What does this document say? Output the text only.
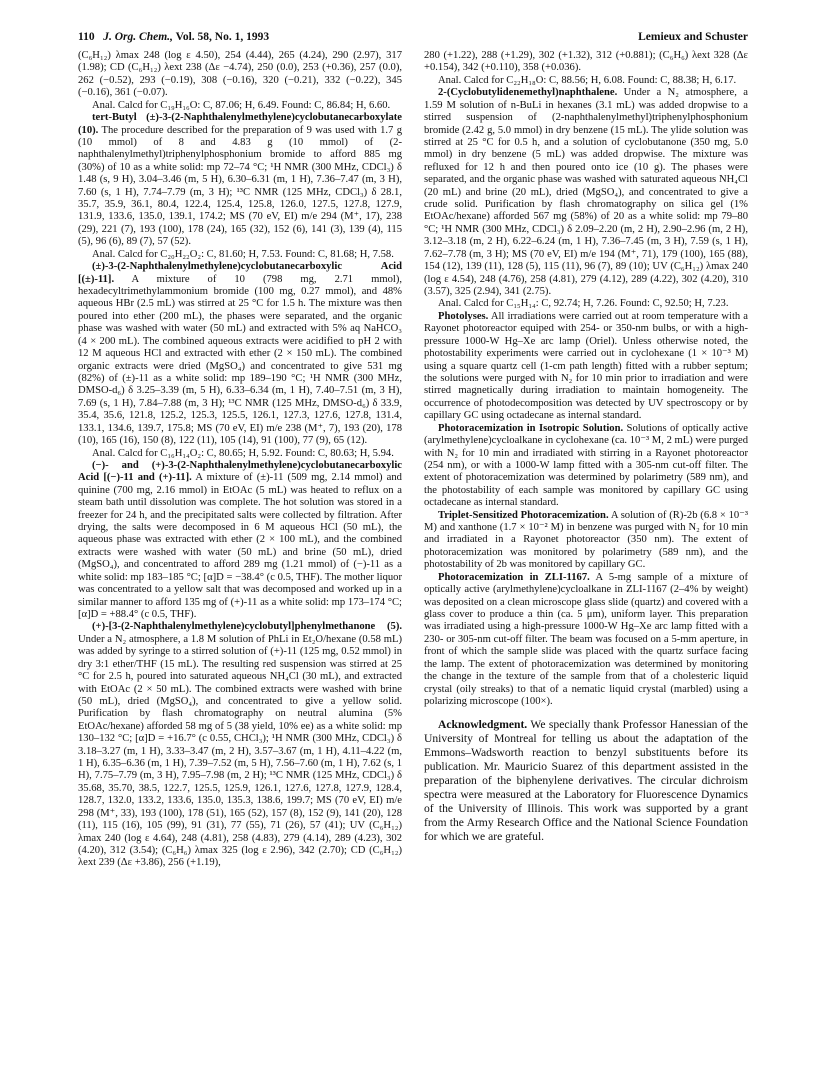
110 J. Org. Chem., Vol. 58, No. 1, 1993	Lemieux and Schuster

(C₆H₁₂) λmax 248 (log ε 4.50), 254 (4.44), 265 (4.24), 290 (2.97), 317 (1.98); CD (C₆H₁₂) λext 238 (Δε −4.74), 250 (0.0), 253 (+0.36), 257 (0.0), 262 (−0.52), 293 (−0.19), 308 (−0.16), 320 (−0.21), 332 (−0.22), 345 (−0.16), 361 (−0.07).

Anal. Calcd for C₁₉H₁₆O: C, 87.06; H, 6.49. Found: C, 86.84; H, 6.60.

tert-Butyl (±)-3-(2-Naphthalenylmethylene)cyclobutanecarboxylate (10). The procedure described for the preparation of 9 was used with 1.7 g (10 mmol) of 8 and 4.83 g (10 mmol) of (2-naphthalenylmethyl)triphenylphosphonium bromide to afford 885 mg (30%) of 10 as a white solid: mp 72–74 °C; ¹H NMR (300 MHz, CDCl₃) δ 1.48 (s, 9 H), 3.04–3.46 (m, 5 H), 6.30–6.31 (m, 1 H), 7.36–7.47 (m, 3 H), 7.60 (s, 1 H), 7.74–7.79 (m, 3 H); ¹³C NMR (125 MHz, CDCl₃) δ 28.1, 35.7, 35.9, 36.1, 80.4, 122.4, 125.4, 125.8, 126.0, 127.5, 127.8, 127.9, 131.9, 133.6, 135.0, 139.1, 174.2; MS (70 eV, EI) m/e 294 (M⁺, 17), 238 (29), 221 (7), 193 (100), 178 (24), 165 (32), 152 (6), 141 (3), 139 (4), 115 (5), 96 (6), 89 (7), 57 (52).

Anal. Calcd for C₂₀H₂₂O₂: C, 81.60; H, 7.53. Found: C, 81.68; H, 7.58.

(±)-3-(2-Naphthalenylmethylene)cyclobutanecarboxylic Acid [(±)-11]. A mixture of 10 (798 mg, 2.71 mmol), hexadecyltrimethylammonium bromide (100 mg, 0.27 mmol), and 48% aqueous HBr (2.5 mL) was stirred at 25 °C for 1.5 h. The mixture was then poured into ether (200 mL), the phases were separated, and the organic phase was washed with water (50 mL) and extracted with 5% aq NaHCO₃ (4 × 200 mL). The combined aqueous extracts were acidified to pH 2 with 12 M aqueous HCl and extracted with ether (2 × 150 mL). The combined organic extracts were dried (MgSO₄) and concentrated to give 531 mg (82%) of (±)-11 as a white solid: mp 189–190 °C; ¹H NMR (300 MHz, DMSO-d₆) δ 3.25–3.39 (m, 5 H), 6.33–6.34 (m, 1 H), 7.40–7.51 (m, 3 H), 7.69 (s, 1 H), 7.84–7.88 (m, 3 H); ¹³C NMR (125 MHz, DMSO-d₆) δ 33.9, 35.4, 35.6, 121.8, 125.2, 125.3, 125.5, 126.1, 127.3, 127.6, 127.8, 131.4, 133.1, 134.6, 139.7, 175.8; MS (70 eV, EI) m/e 238 (M⁺, 7), 193 (20), 178 (10), 165 (16), 150 (8), 122 (11), 105 (14), 91 (100), 77 (9), 65 (12).

Anal. Calcd for C₁₆H₁₄O₂: C, 80.65; H, 5.92. Found: C, 80.63; H, 5.94.

(−)- and (+)-3-(2-Naphthalenylmethylene)cyclobutanecarboxylic Acid [(−)-11 and (+)-11]. A mixture of (±)-11 (509 mg, 2.14 mmol) and quinine (700 mg, 2.16 mmol) in EtOAc (5 mL) was heated to reflux on a steam bath until dissolution was complete. The hot solution was stored in a freezer for 24 h, and the precipitated salts were collected by filtration. After drying, the salts were decomposed in 6 M aqueous HCl (50 mL), the aqueous phase was extracted with ether (2 × 100 mL), and the combined extracts were washed with water (50 mL) and brine (50 mL), dried (MgSO₄), and concentrated to afford 289 mg (1.21 mmol) of (−)-11 as a white solid: mp 183–185 °C; [α]D = −38.4° (c 0.5, THF). The mother liquor was concentrated to a yellow salt that was decomposed and worked up in a similar manner to afford 135 mg of (+)-11 as a white solid: mp 173–174 °C; [α]D = +88.4° (c 0.5, THF).

(+)-[3-(2-Naphthalenylmethylene)cyclobutyl]phenylmethanone (5). Under a N₂ atmosphere, a 1.8 M solution of PhLi in Et₂O/hexane (0.58 mL) was added by syringe to a stirred solution of (+)-11 (125 mg, 0.52 mmol) in dry 3:1 ether/THF (15 mL). The resulting red suspension was stirred at 25 °C for 2.5 h, poured into saturated aqueous NH₄Cl (30 mL), and extracted with EtOAc (2 × 50 mL). The combined extracts were washed with brine (50 mL), dried (MgSO₄), and concentrated to give a yellow solid. Purification by flash chromatography on neutral alumina (5% EtOAc/hexane) afforded 58 mg of 5 (38 yield, 10% ee) as a white solid: mp 130–132 °C; [α]D = +16.7° (c 0.55, CHCl₃); ¹H NMR (300 MHz, CDCl₃) δ 3.18–3.27 (m, 1 H), 3.33–3.47 (m, 2 H), 3.57–3.67 (m, 1 H), 4.11–4.22 (m, 1 H), 6.35–6.36 (m, 1 H), 7.39–7.52 (m, 5 H), 7.56–7.60 (m, 1 H), 7.62 (s, 1 H), 7.75–7.79 (m, 3 H), 7.95–7.98 (m, 2 H); ¹³C NMR (125 MHz, CDCl₃) δ 35.68, 35.70, 38.5, 122.7, 125.5, 125.9, 126.1, 127.6, 127.8, 127.9, 128.4, 128.7, 132.0, 133.2, 133.6, 135.0, 135.3, 138.6, 199.7; MS (70 eV, EI) m/e 298 (M⁺, 33), 193 (100), 178 (51), 165 (52), 157 (8), 152 (9), 141 (20), 128 (11), 115 (16), 105 (99), 91 (31), 77 (55), 71 (26), 57 (41); UV (C₆H₁₂) λmax 240 (log ε 4.64), 248 (4.81), 258 (4.83), 279 (4.14), 289 (4.23), 302 (4.20), 312 (3.54); (C₆H₆) λmax 325 (log ε 2.96), 342 (2.70); CD (C₆H₁₂) λext 239 (Δε +3.86), 256 (+1.19),

280 (+1.22), 288 (+1.29), 302 (+1.32), 312 (+0.881); (C₆H₆) λext 328 (Δε +0.154), 342 (+0.110), 358 (+0.036).

Anal. Calcd for C₂₂H₁₈O: C, 88.56; H, 6.08. Found: C, 88.38; H, 6.17.

2-(Cyclobutylidenemethyl)naphthalene. Under a N₂ atmosphere, a 1.59 M solution of n-BuLi in hexanes (3.1 mL) was added dropwise to a stirred suspension of (2-naphthalenylmethyl)triphenylphosphonium bromide (2.42 g, 5.0 mmol) in dry benzene (15 mL). The ylide solution was stirred at 25 °C for 0.5 h, and a solution of cyclobutanone (350 mg, 5.0 mmol) in dry benzene (5 mL) was added dropwise. The mixture was refluxed for 12 h and then poured onto ice (10 g). The phases were separated, and the organic phase was washed with saturated aqueous NH₄Cl (20 mL) and brine (20 mL), dried (MgSO₄), and concentrated to give a crude solid. Purification by flash chromatography on silica gel (1% EtOAc/hexane) afforded 567 mg (58%) of 20 as a white solid: mp 79–80 °C; ¹H NMR (300 MHz, CDCl₃) δ 2.09–2.20 (m, 2 H), 2.90–2.96 (m, 2 H), 3.12–3.18 (m, 2 H), 6.22–6.24 (m, 1 H), 7.36–7.45 (m, 3 H), 7.59 (s, 1 H), 7.62–7.78 (m, 3 H); MS (70 eV, EI) m/e 194 (M⁺, 71), 179 (100), 165 (88), 154 (12), 139 (11), 128 (5), 115 (11), 96 (7), 89 (10); UV (C₆H₁₂) λmax 240 (log ε 4.54), 248 (4.76), 258 (4.81), 279 (4.12), 289 (4.22), 302 (4.20), 310 (3.57), 325 (2.94), 341 (2.75).

Anal. Calcd for C₁₅H₁₄: C, 92.74; H, 7.26. Found: C, 92.50; H, 7.23.

Photolyses. All irradiations were carried out at room temperature with a Rayonet photoreactor equiped with 254- or 350-nm bulbs, or with a high-pressure 1000-W Hg–Xe arc lamp (Oriel). Unless otherwise noted, the photostability experiments were carried out in cyclohexane (1 × 10⁻³ M) using a square quartz cell (1-cm path length) fitted with a rubber septum; the solutions were purged with N₂ for 10 min prior to irradiation and were stirred magnetically during irradiation to maintain homogeneity. The occurrence of photodecomposition was detected by UV spectroscopy or by capillary GC using octadecane as internal standard.

Photoracemization in Isotropic Solution. Solutions of optically active (arylmethylene)cycloalkane in cyclohexane (ca. 10⁻³ M, 2 mL) were purged with N₂ for 10 min and irradiated with stirring in a Rayonet photoreactor (254 nm), or with a 1000-W lamp fitted with a 305-nm cut-off filter. The extent of photoracemization was determined by polarimetry (589 nm), and the photostability of each sample was monitored by capillary GC using octadecane as internal standard.

Triplet-Sensitized Photoracemization. A solution of (R)-2b (6.8 × 10⁻³ M) and xanthone (1.7 × 10⁻² M) in benzene was purged with N₂ for 10 min and irradiated in a Rayonet photoreactor (350 nm). The extent of photoracemization was monitored by polarimetry (589 nm), and the photostability of 2b was monitored by capillary GC.

Photoracemization in ZLI-1167. A 5-mg sample of a mixture of optically active (arylmethylene)cycloalkane in ZLI-1167 (2–4% by weight) was deposited on a clean microscope glass slide (quartz) and covered with a glass cover to produce a thin (ca. 5 μm), uniform layer. This preparation was irradiated using a high-pressure 1000-W Hg–Xe arc lamp fitted with a 230- or 305-nm cut-off filter. The beam was focused on a 5-mm aperture, in front of which the sample slide was placed with the quartz surface facing the lamp. The extent of photoracemization was determined by monitoring the change in the texture of the sample from that of a cholesteric liquid crystal (oily streaks) to that of a nematic liquid crystal (marbled) using a polarizing microscope (100×).

Acknowledgment. We specially thank Professor Hanessian of the University of Montreal for telling us about the adaptation of the Emmons–Wadsworth reaction to benzyl substituents before its publication. Mr. Mauricio Suarez of this department assisted in the preparation of the biphenylene derivatives. The circular dichroism spectra were measured at the Laboratory for Fluorescence Dynamics of the University of Illinois. This work was supported by a grant from the Army Research Office and the National Science Foundation for which we are grateful.
